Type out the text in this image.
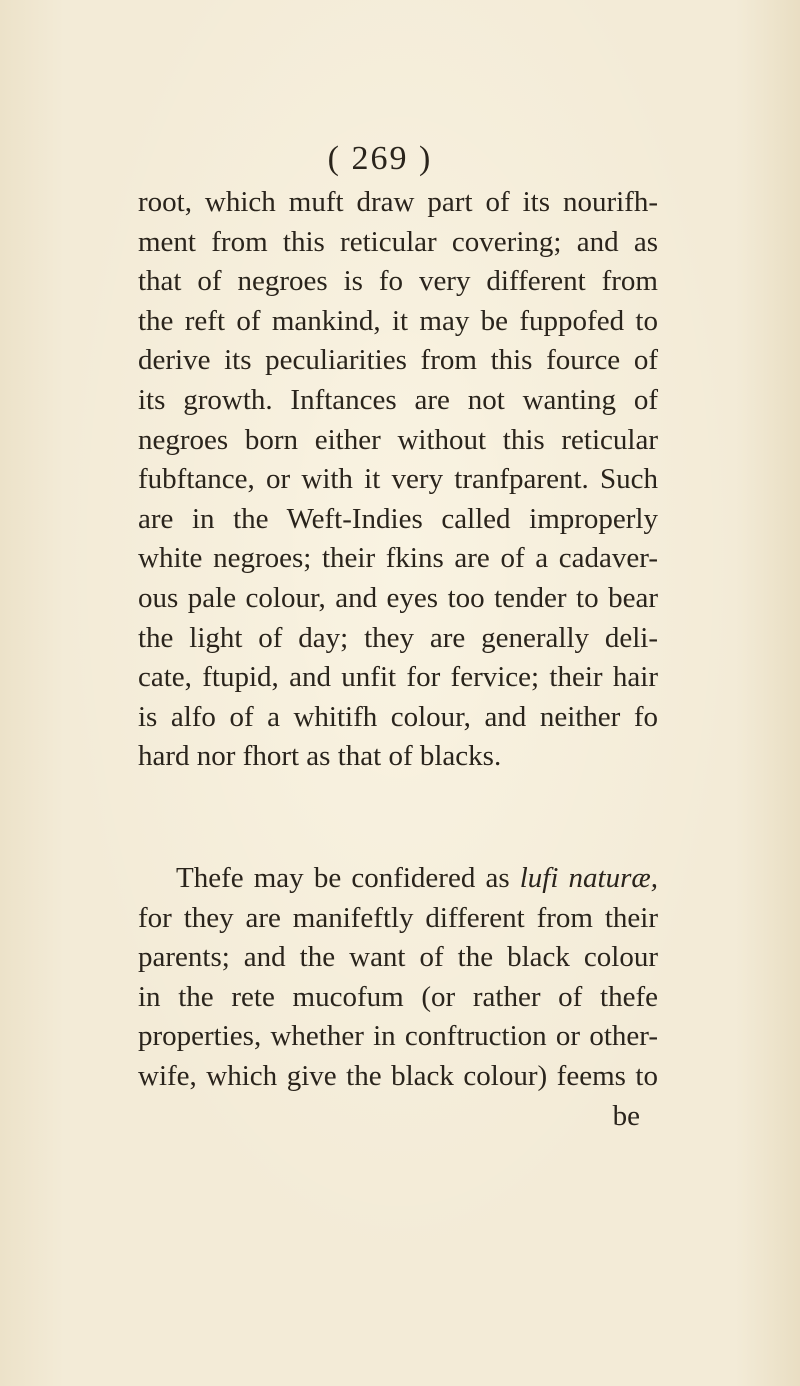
( 269 )
root, which muft draw part of its nourifh-
ment from this reticular covering; and as
that of negroes is fo very different from
the reft of mankind, it may be fuppofed to
derive its peculiarities from this fource of
its growth. Inftances are not wanting of
negroes born either without this reticular
fubftance, or with it very tranfparent. Such
are in the Weft-Indies called improperly
white negroes; their fkins are of a cadaver-
ous pale colour, and eyes too tender to bear
the light of day; they are generally deli-
cate, ftupid, and unfit for fervice; their hair
is alfo of a whitifh colour, and neither fo
hard nor fhort as that of blacks.
Thefe may be confidered as lufi naturæ,
for they are manifeftly different from their
parents; and the want of the black colour
in the rete mucofum (or rather of thefe
properties, whether in conftruction or other-
wife, which give the black colour) feems to
be
